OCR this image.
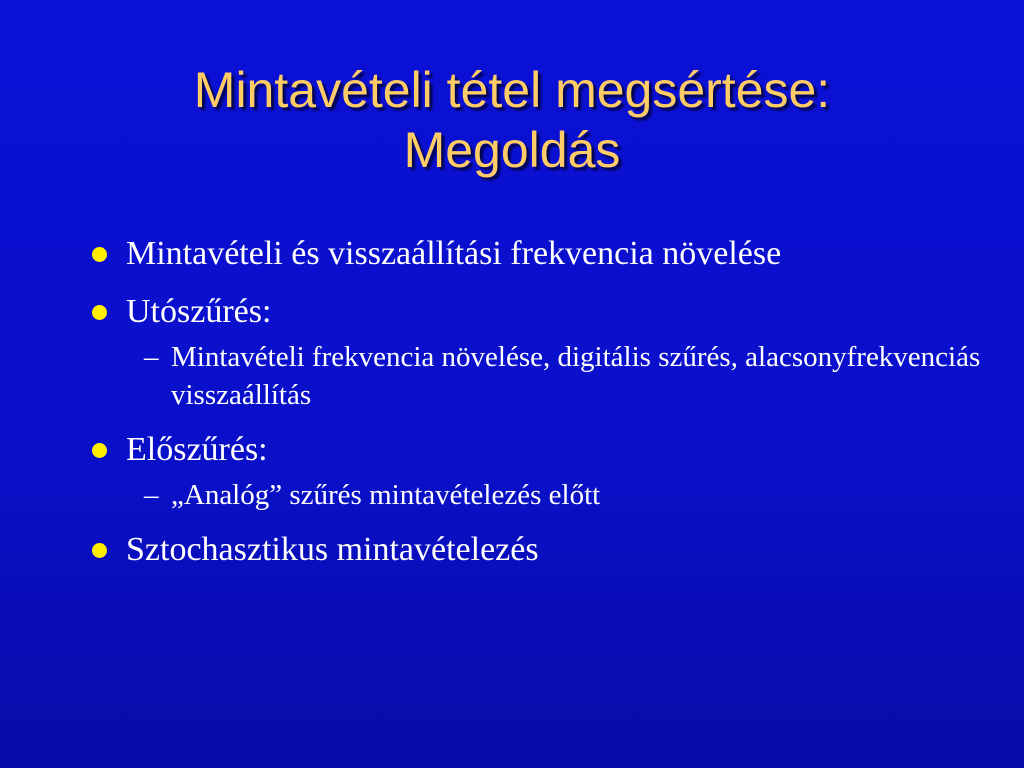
Mintavételi tétel megsértése:
Megoldás
Mintavételi és visszaállítási frekvencia növelése
Utószűrés:
– Mintavételi frekvencia növelése, digitális szűrés, alacsonyfrekvenciás visszaállítás
Előszűrés:
– „Analóg” szűrés mintavételezés előtt
Sztochasztikus mintavételezés
